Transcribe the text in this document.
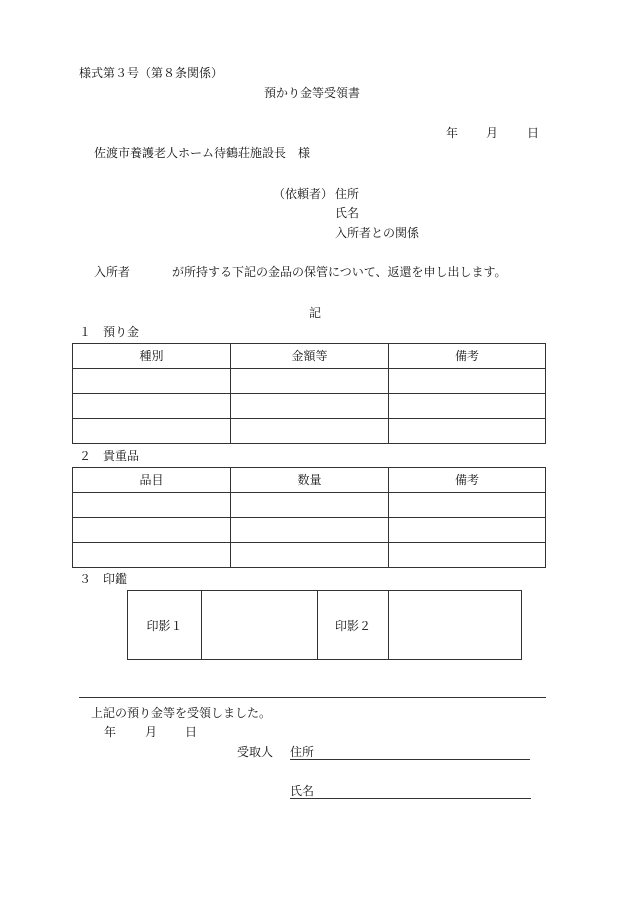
様式第３号（第８条関係）
預かり金等受領書
年 月 日
佐渡市養護老人ホーム待鶴荘施設長　様
（依頼者） 住所
氏名
入所者との関係
入所者	が所持する下記の金品の保管について、返還を申し出します。
記
１　預り金
種別	金額等	備考

２　貴重品
品目	数量	備考

３　印鑑
印影１	印影２
上記の預り金等を受領しました。
年 月 日
受取人 住所
氏名
